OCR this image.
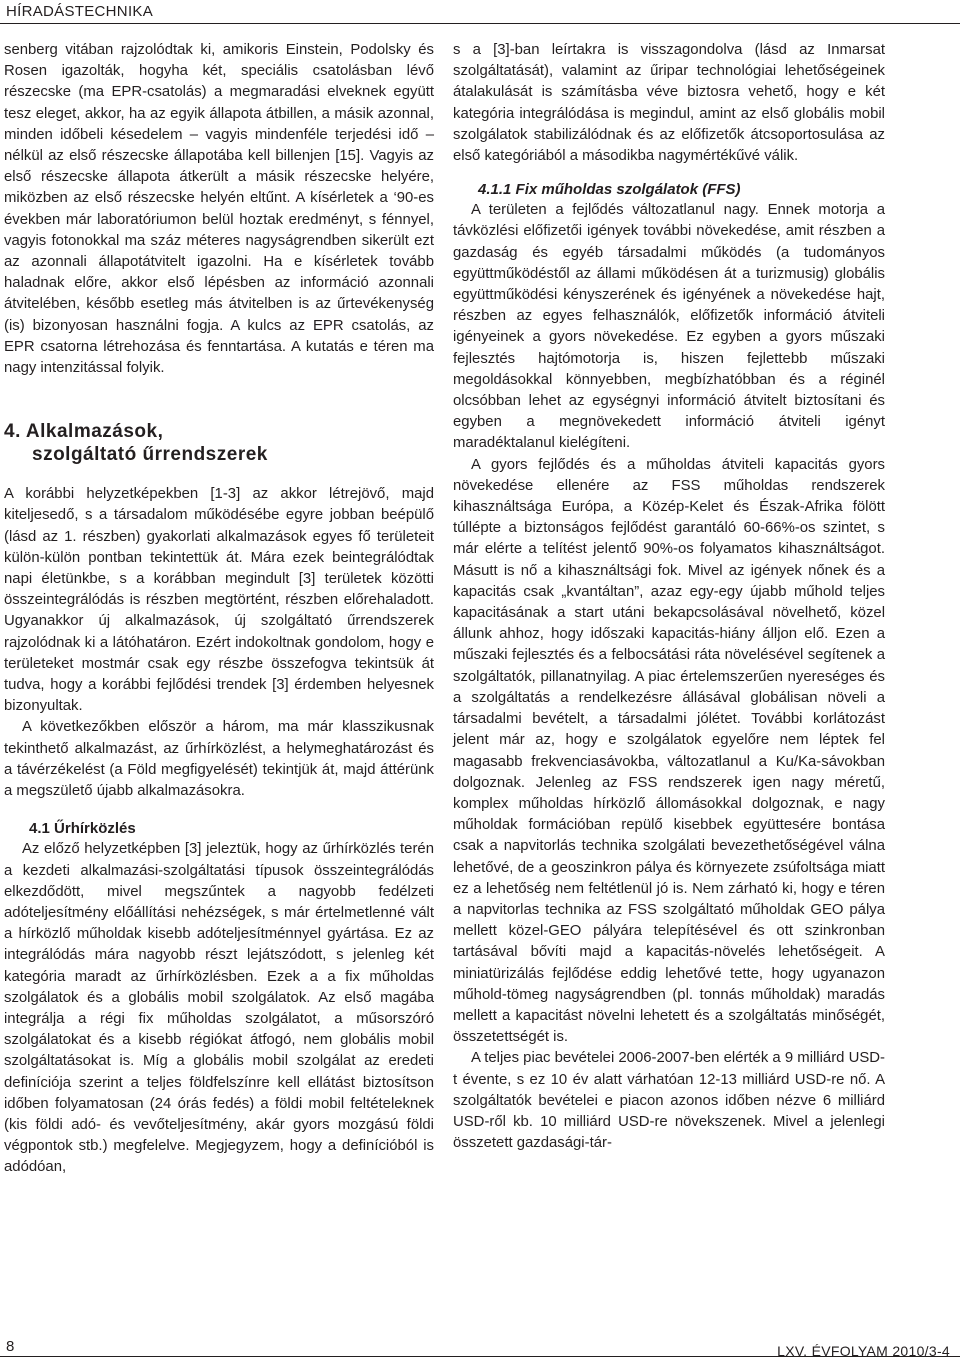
HÍRADÁSTECHNIKA

senberg vitában rajzolódtak ki, amikoris Einstein, Podolsky és Rosen igazolták, hogyha két, speciális csatolásban lévő részecske (ma EPR-csatolás) a megmaradási elveknek együtt tesz eleget, akkor, ha az egyik állapota átbillen, a másik azonnal, minden időbeli késedelem – vagyis mindenféle terjedési idő – nélkül az első részecske állapotába kell billenjen [15]. Vagyis az első részecske állapota átkerült a másik részecske helyére, miközben az első részecske helyén eltűnt. A kísérletek a ‘90-es években már laboratóriumon belül hoztak eredményt, s fénnyel, vagyis fotonokkal ma száz méteres nagyságrendben sikerült ezt az azonnali állapotátvitelt igazolni. Ha e kísérletek tovább haladnak előre, akkor első lépésben az információ azonnali átvitelében, később esetleg más átvitelben is az űrtevékenység (is) bizonyosan használni fogja. A kulcs az EPR csatolás, az EPR csatorna létrehozása és fenntartása. A kutatás e téren ma nagy intenzitással folyik.

4. Alkalmazások,
szolgáltató űrrendszerek

A korábbi helyzetképekben [1-3] az akkor létrejövő, majd kiteljesedő, s a társadalom működésébe egyre jobban beépülő (lásd az 1. részben) gyakorlati alkalmazások egyes fő területeit külön-külön pontban tekintettük át. Mára ezek beintegrálódtak napi életünkbe, s a korábban megindult [3] területek közötti összeintegrálódás is részben megtörtént, részben előrehaladott. Ugyanakkor új alkalmazások, új szolgáltató űrrendszerek rajzolódnak ki a látóhatáron. Ezért indokoltnak gondolom, hogy e területeket mostmár csak egy részbe összefogva tekintsük át tudva, hogy a korábbi fejlődési trendek [3] érdemben helyesnek bizonyultak.

A következőkben először a három, ma már klasszikusnak tekinthető alkalmazást, az űrhírközlést, a helymeghatározást és a távérzékelést (a Föld megfigyelését) tekintjük át, majd áttérünk a megszülető újabb alkalmazásokra.

4.1 Űrhírközlés

Az előző helyzetképben [3] jeleztük, hogy az űrhírközlés terén a kezdeti alkalmazási-szolgáltatási típusok összeintegrálódás elkezdődött, mivel megszűntek a nagyobb fedélzeti adóteljesítmény előállítási nehézségek, s már értelmetlenné vált a hírközlő műholdak kisebb adóteljesítménnyel gyártása. Ez az integrálódás mára nagyobb részt lejátszódott, s jelenleg két kategória maradt az űrhírközlésben. Ezek a a fix műholdas szolgálatok és a globális mobil szolgálatok. Az első magába integrálja a régi fix műholdas szolgálatot, a műsorszóró szolgálatokat és a kisebb régiókat átfogó, nem globális mobil szolgáltatásokat is. Míg a globális mobil szolgálat az eredeti definíciója szerint a teljes földfelszínre kell ellátást biztosítson időben folyamatosan (24 órás fedés) a földi mobil feltételeknek (kis földi adó- és vevőteljesítmény, akár gyors mozgású földi végpontok stb.) megfelelve. Megjegyzem, hogy a definícióból is adódóan,

s a [3]-ban leírtakra is visszagondolva (lásd az Inmarsat szolgáltatását), valamint az űripar technológiai lehetőségeinek átalakulását is számításba véve biztosra vehető, hogy e két kategória integrálódása is megindul, amint az első globális mobil szolgálatok stabilizálódnak és az előfizetők átcsoportosulása az első kategóriából a másodikba nagymértékűvé válik.

4.1.1 Fix műholdas szolgálatok (FFS)

A területen a fejlődés változatlanul nagy. Ennek motorja a távközlési előfizetői igények további növekedése, amit részben a gazdaság és egyéb társadalmi működés (a tudományos együttműködéstől az állami működésen át a turizmusig) globális együttműködési kényszerének és igényének a növekedése hajt, részben az egyes felhasználók, előfizetők információ átviteli igényeinek a gyors növekedése. Ez egyben a gyors műszaki fejlesztés hajtómotorja is, hiszen fejlettebb műszaki megoldásokkal könnyebben, megbízhatóbban és a réginél olcsóbban lehet az egységnyi információ átvitelt biztosítani és egyben a megnövekedett információ átviteli igényt maradéktalanul kielégíteni.

A gyors fejlődés és a műholdas átviteli kapacitás gyors növekedése ellenére az FSS műholdas rendszerek kihasználtsága Európa, a Közép-Kelet és Észak-Afrika fölött túllépte a biztonságos fejlődést garantáló 60-66%-os szintet, s már elérte a telítést jelentő 90%-os folyamatos kihasználtságot. Másutt is nő a kihasználtsági fok. Mivel az igények nőnek és a kapacitás csak „kvantáltan”, azaz egy-egy újabb műhold teljes kapacitásának a start utáni bekapcsolásával növelhető, közel állunk ahhoz, hogy időszaki kapacitás-hiány álljon elő. Ezen a műszaki fejlesztés és a felbocsátási ráta növelésével segítenek a szolgáltatók, pillanatnyilag. A piac értelemszerűen nyereséges és a szolgáltatás a rendelkezésre állásával globálisan növeli a társadalmi bevételt, a társadalmi jólétet. További korlátozást jelent már az, hogy e szolgálatok egyelőre nem léptek fel magasabb frekvenciasávokba, változatlanul a Ku/Ka-sávokban dolgoznak. Jelenleg az FSS rendszerek igen nagy méretű, komplex műholdas hírközlő állomásokkal dolgoznak, e nagy műholdak formációban repülő kisebbek együttesére bontása csak a napvitorlás technika szolgálati bevezethetőségével válna lehetővé, de a geoszinkron pálya és környezete zsúfoltsága miatt ez a lehetőség nem feltétlenül jó is. Nem zárható ki, hogy e téren a napvitorlas technika az FSS szolgáltató műholdak GEO pálya mellett közel-GEO pályára telepítésével és ott szinkronban tartásával bővíti majd a kapacitás-növelés lehetőségeit. A miniatürizálás fejlődése eddig lehetővé tette, hogy ugyanazon műhold-tömeg nagyságrendben (pl. tonnás műholdak) maradás mellett a kapacitást növelni lehetett és a szolgáltatás minőségét, összetettségét is.

A teljes piac bevételei 2006-2007-ben elérték a 9 milliárd USD-t évente, s ez 10 év alatt várhatóan 12-13 milliárd USD-re nő. A szolgáltatók bevételei e piacon azonos időben nézve 6 milliárd USD-ről kb. 10 milliárd USD-re növekszenek. Mivel a jelenlegi összetett gazdasági-tár-

8	LXV. ÉVFOLYAM 2010/3-4
